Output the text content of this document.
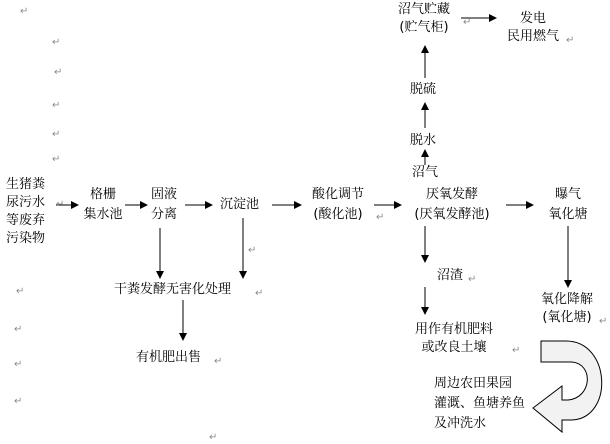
生猪粪
尿污水
等废弃
污染物
格栅
集水池
固液
分离
沉淀池
酸化调节
(酸化池)
厌氧发酵
(厌氧发酵池)
曝气
氧化塘
沼气
脱水
脱硫
沼气贮藏
(贮气柜)
发电
民用燃气
干粪发酵无害化处理
有机肥出售
沼渣
用作有机肥料
或改良土壤
氧化降解
(氧化塘)
周边农田果园
灌溉、鱼塘养鱼
及冲洗水
↵
↵
↵
↵
↵
↵
↵
↵
↵
↵
↵
↵
↵
↵
↵
↵
↵
↵
↵
↵
↵
